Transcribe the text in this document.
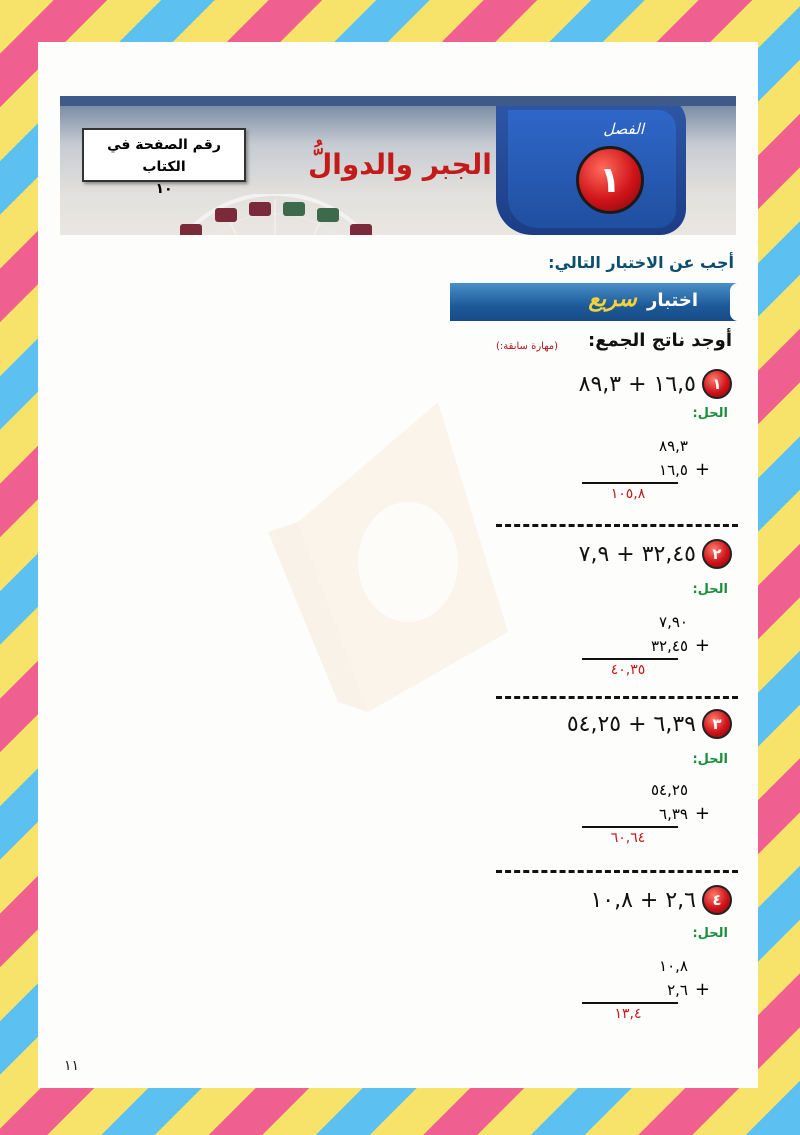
رقم الصفحة في الكتاب
١٠
الجبر والدوالُّ
الفصل
١
أجب عن الاختبار التالي:
اختبار سريع
أوجد ناتج الجمع:
(مهارة سابقة:)
١
١٦,٥ + ٨٩,٣
الحل:
٨٩,٣
١٦,٥ +
١٠٥,٨
٢
٣٢,٤٥ + ٧,٩
الحل:
٧,٩٠
٣٢,٤٥ +
٤٠,٣٥
٣
٦,٣٩ + ٥٤,٢٥
الحل:
٥٤,٢٥
٦,٣٩ +
٦٠,٦٤
٤
٢,٦ + ١٠,٨
الحل:
١٠,٨
٢,٦ +
١٣,٤
١١
